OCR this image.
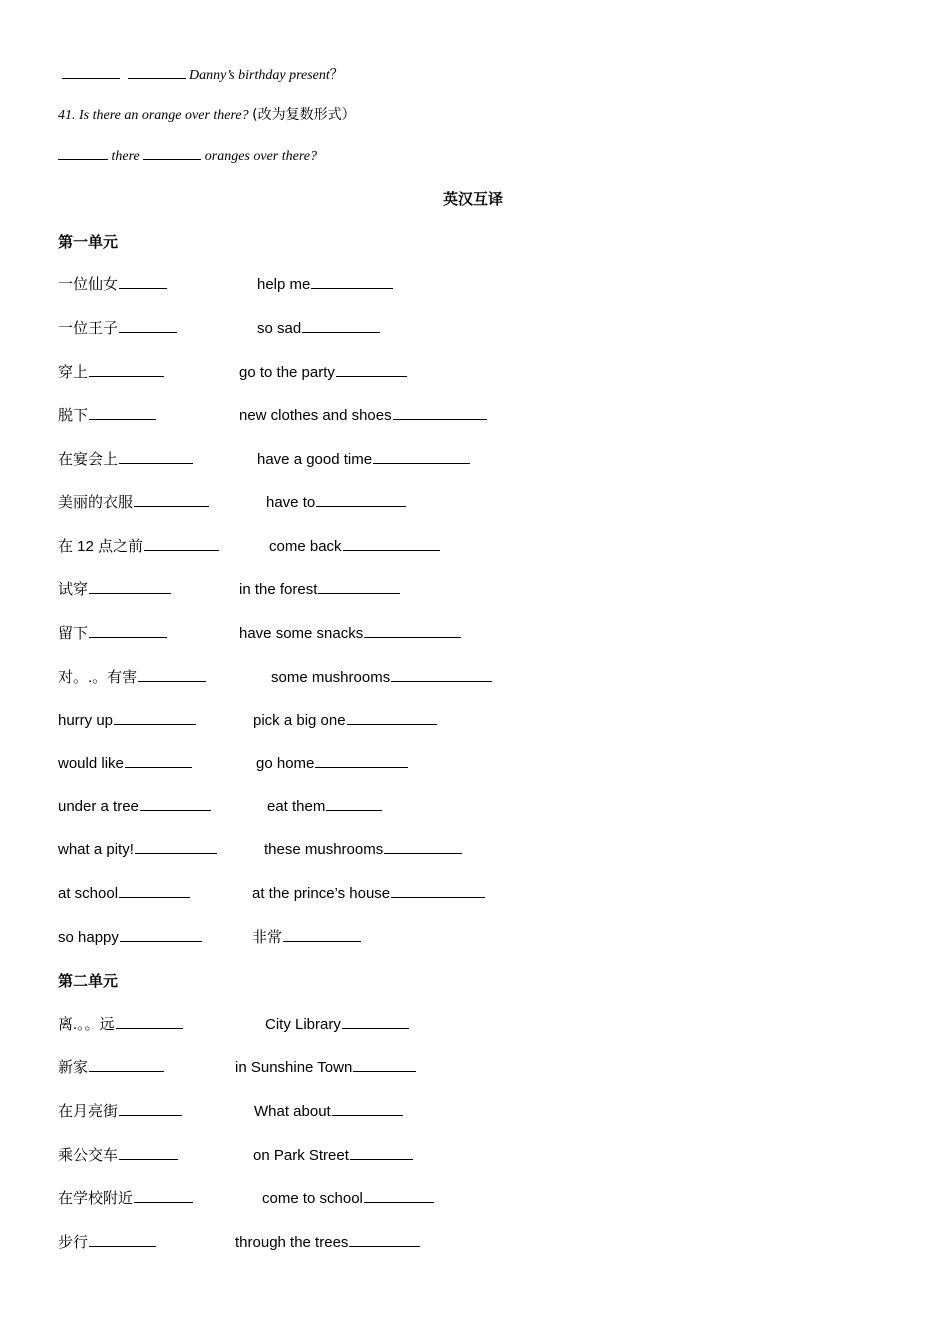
Danny’s birthday present？
41. Is there an orange over there? (改为复数形式）
there	oranges over there?
英汉互译
第一单元
一位仙女	help me
一位王子	so sad
穿上	go to the party
脱下	new clothes and shoes
在宴会上	have a good time
美丽的衣服	have to
在 12 点之前	come back
试穿	in the forest
留下	have some snacks
对。.。有害	some mushrooms
hurry up	pick a big one
would like	go home
under a tree	eat them
what a pity!	these mushrooms
at school	at the prince’s house
so happy	非常
第二单元
离.。。远	City Library
新家	in Sunshine Town
在月亮街	What about
乘公交车	on Park Street
在学校附近	come to school
步行	through the trees
